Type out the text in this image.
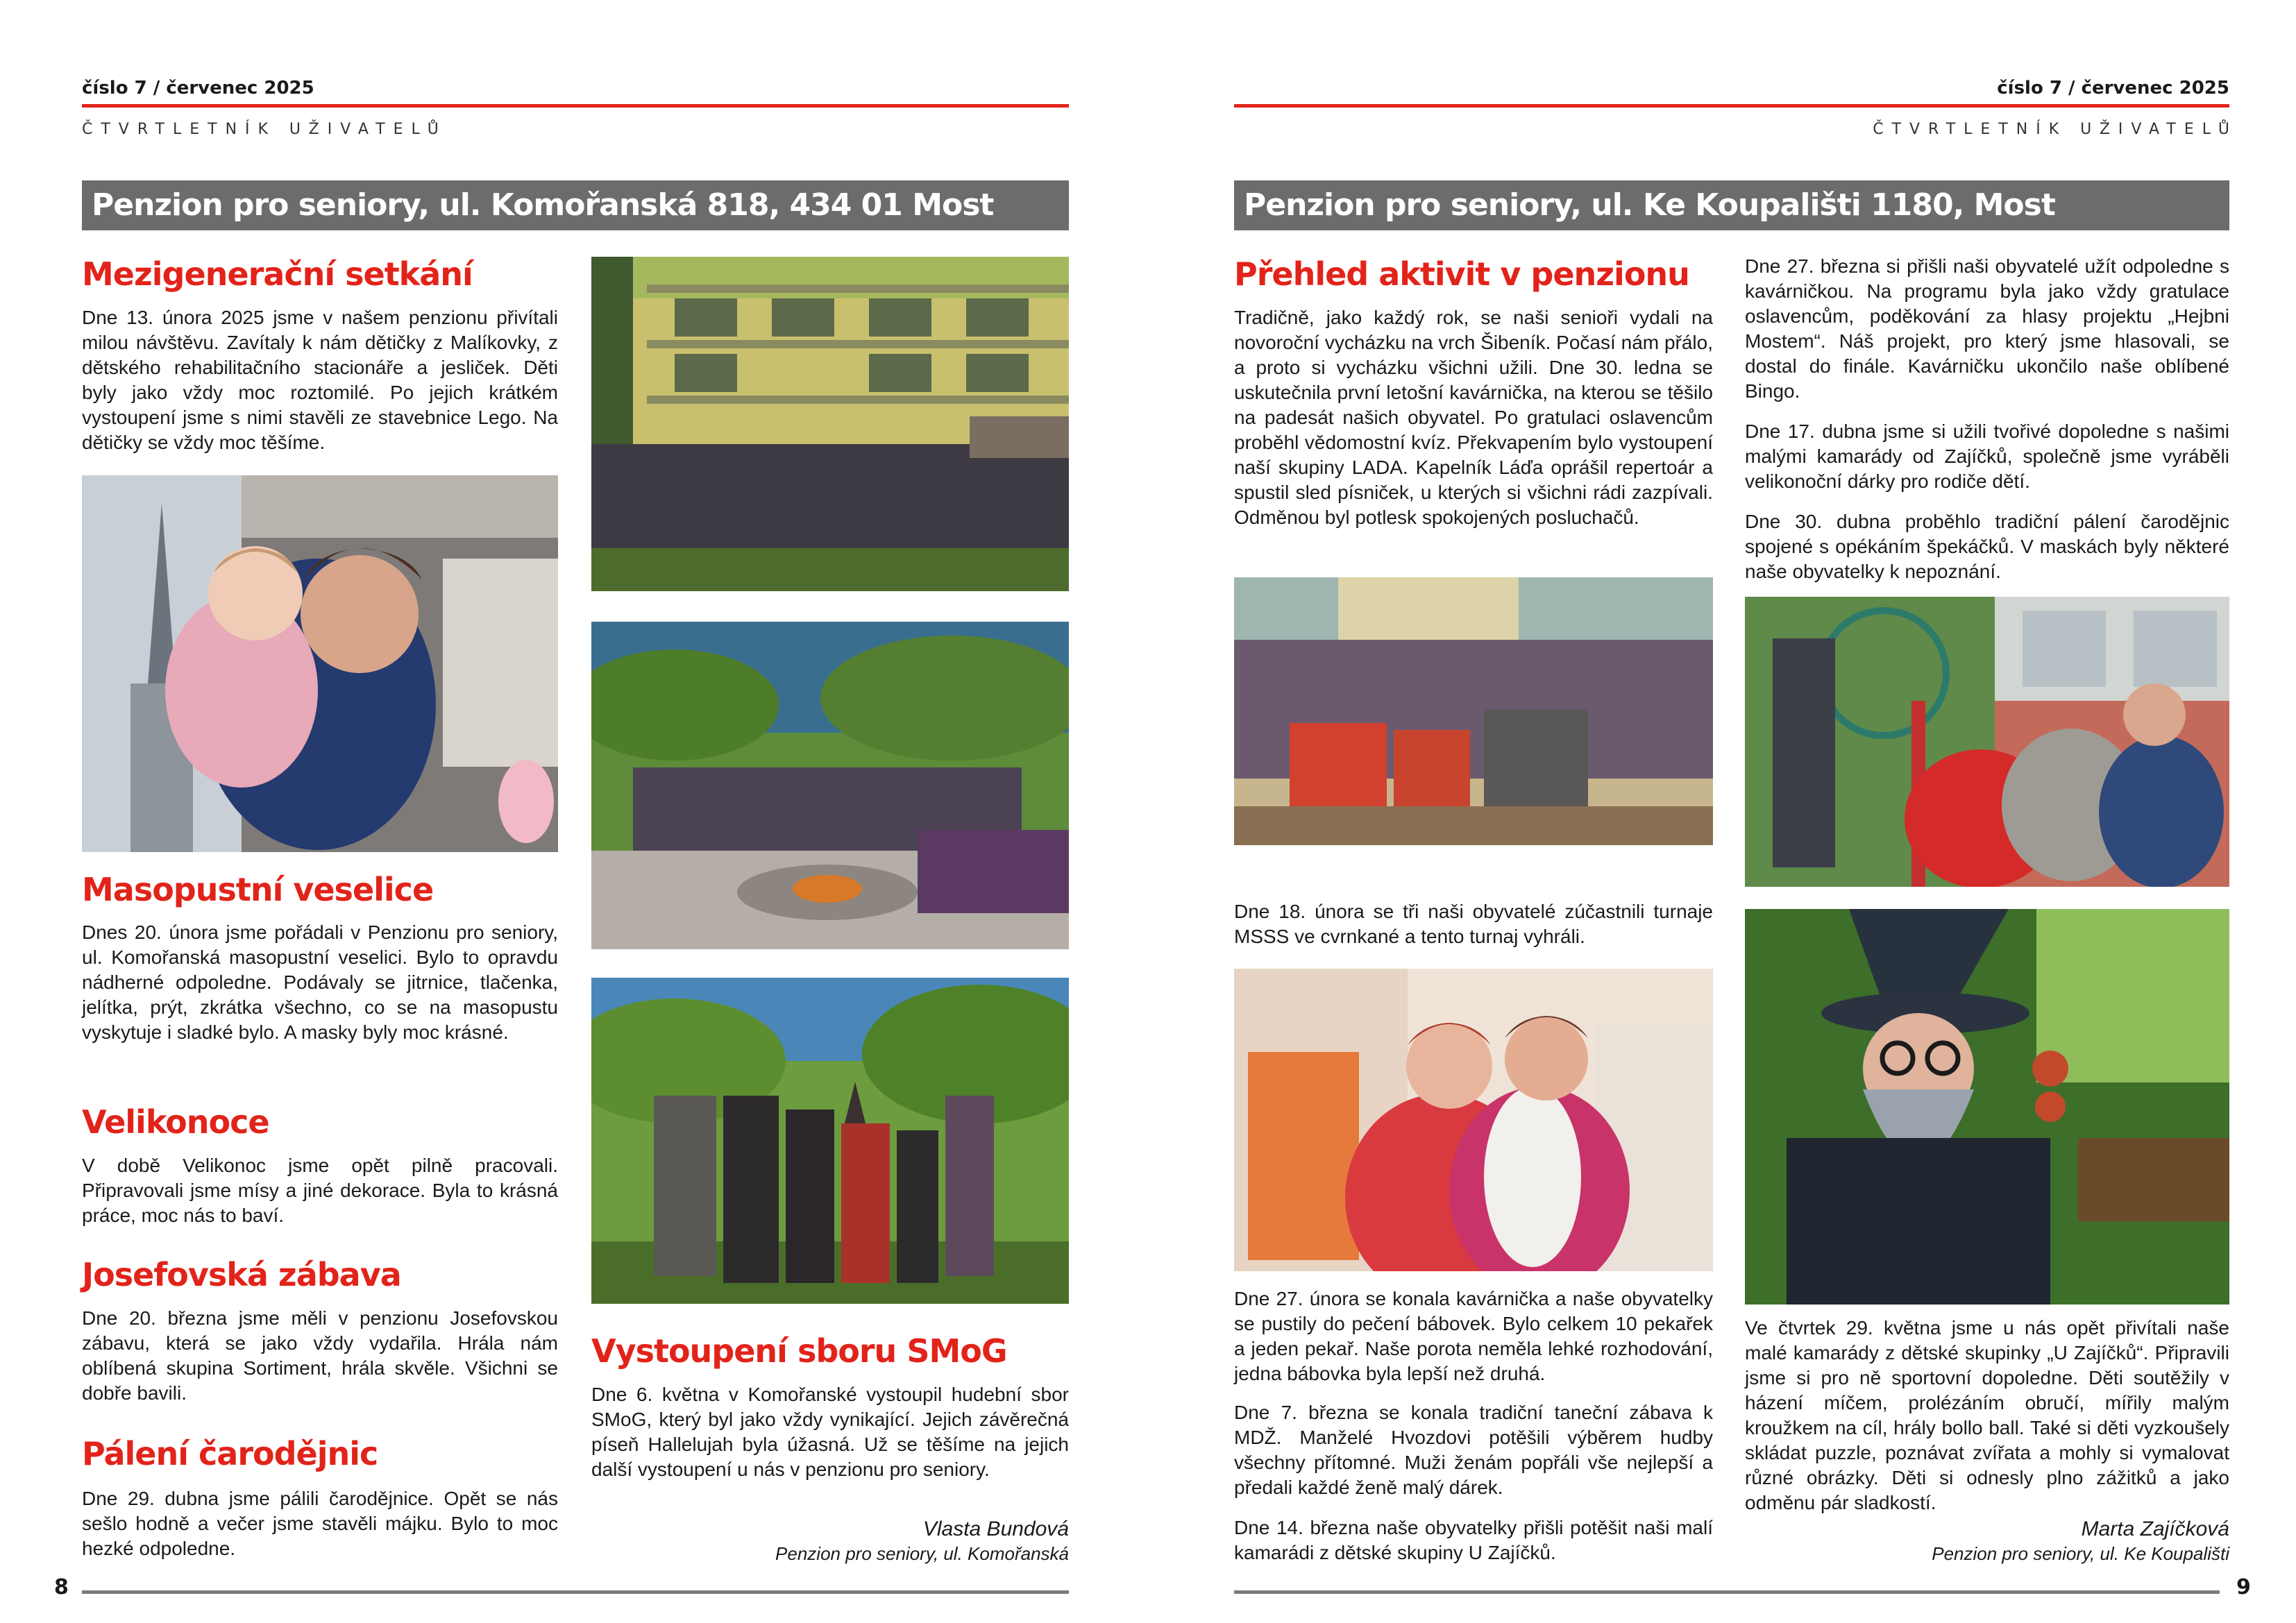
číslo 7 / červenec 2025
ČTVRTLETNÍK UŽIVATELŮ
Penzion pro seniory, ul. Komořanská 818, 434 01 Most
Mezigenerační setkání
Dne 13. února 2025 jsme v našem penzionu přivítali milou návštěvu. Zavítaly k nám dětičky z Malíkovky, z dětského rehabilitačního stacionáře a jesliček. Děti byly jako vždy moc roztomilé. Po jejich krátkém vystoupení jsme s nimi stavěli ze stavebnice Lego. Na dětičky se vždy moc těšíme.
Masopustní veselice
Dnes 20. února jsme pořádali v Penzionu pro seniory, ul. Komořanská masopustní veselici. Bylo to opravdu nádherné odpoledne. Podávaly se jitrnice, tlačenka, jelítka, prýt, zkrátka všechno, co se na masopustu vyskytuje i sladké bylo. A masky byly moc krásné.
Velikonoce
V době Velikonoc jsme opět pilně pracovali. Připravovali jsme mísy a jiné dekorace. Byla to krásná práce, moc nás to baví.
Josefovská zábava
Dne 20. března jsme měli v penzionu Josefovskou zábavu, která se jako vždy vydařila. Hrála nám oblíbená skupina Sortiment, hrála skvěle. Všichni se dobře bavili.
Pálení čarodějnic
Dne 29. dubna jsme pálili čarodějnice. Opět se nás sešlo hodně a večer jsme stavěli májku. Bylo to moc hezké odpoledne.
Vystoupení sboru SMoG
Dne 6. května v Komořanské vystoupil hudební sbor SMoG, který byl jako vždy vynikající. Jejich závěrečná píseň Hallelujah byla úžasná. Už se těšíme na jejich další vystoupení u nás v penzionu pro seniory.
Vlasta Bundová
Penzion pro seniory, ul. Komořanská
8
číslo 7 / červenec 2025
ČTVRTLETNÍK UŽIVATELŮ
Penzion pro seniory, ul. Ke Koupališti 1180, Most
Přehled aktivit v penzionu
Tradičně, jako každý rok, se naši senioři vydali na novoroční vycházku na vrch Šibeník. Počasí nám přálo, a proto si vycházku všichni užili. Dne 30. ledna se uskutečnila první letošní kavárnička, na kterou se těšilo na padesát našich obyvatel. Po gratulaci oslavencům proběhl vědomostní kvíz. Překvapením bylo vystoupení naší skupiny LADA. Kapelník Láďa oprášil repertoár a spustil sled písniček, u kterých si všichni rádi zazpívali. Odměnou byl potlesk spokojených posluchačů.
Dne 18. února se tři naši obyvatelé zúčastnili turnaje MSSS ve cvrnkané a tento turnaj vyhráli.
Dne 27. února se konala kavárnička a naše obyvatelky se pustily do pečení bábovek. Bylo celkem 10 pekařek a jeden pekař. Naše porota neměla lehké rozhodování, jedna bábovka byla lepší než druhá.
Dne 7. března se konala tradiční taneční zábava k MDŽ. Manželé Hvozdovi potěšili výběrem hudby všechny přítomné. Muži ženám popřáli vše nejlepší a předali každé ženě malý dárek.
Dne 14. března naše obyvatelky přišli potěšit naši malí kamarádi z dětské skupiny U Zajíčků.
Dne 27. března si přišli naši obyvatelé užít odpoledne s kavárničkou. Na programu byla jako vždy gratulace oslavencům, poděkování za hlasy projektu „Hejbni Mostem“. Náš projekt, pro který jsme hlasovali, se dostal do finále. Kavárničku ukončilo naše oblíbené Bingo.
Dne 17. dubna jsme si užili tvořivé dopoledne s našimi malými kamarády od Zajíčků, společně jsme vyráběli velikonoční dárky pro rodiče dětí.
Dne 30. dubna proběhlo tradiční pálení čarodějnic spojené s opékáním špekáčků. V maskách byly některé naše obyvatelky k nepoznání.
Ve čtvrtek 29. května jsme u nás opět přivítali naše malé kamarády z dětské skupinky „U Zajíčků“. Připravili jsme si pro ně sportovní dopoledne. Děti soutěžily v házení míčem, prolézáním obručí, mířily malým kroužkem na cíl, hrály bollo ball. Také si děti vyzkoušely skládat puzzle, poznávat zvířata a mohly si vymalovat různé obrázky. Děti si odnesly plno zážitků a jako odměnu pár sladkostí.
Marta Zajíčková
Penzion pro seniory, ul. Ke Koupališti
9
